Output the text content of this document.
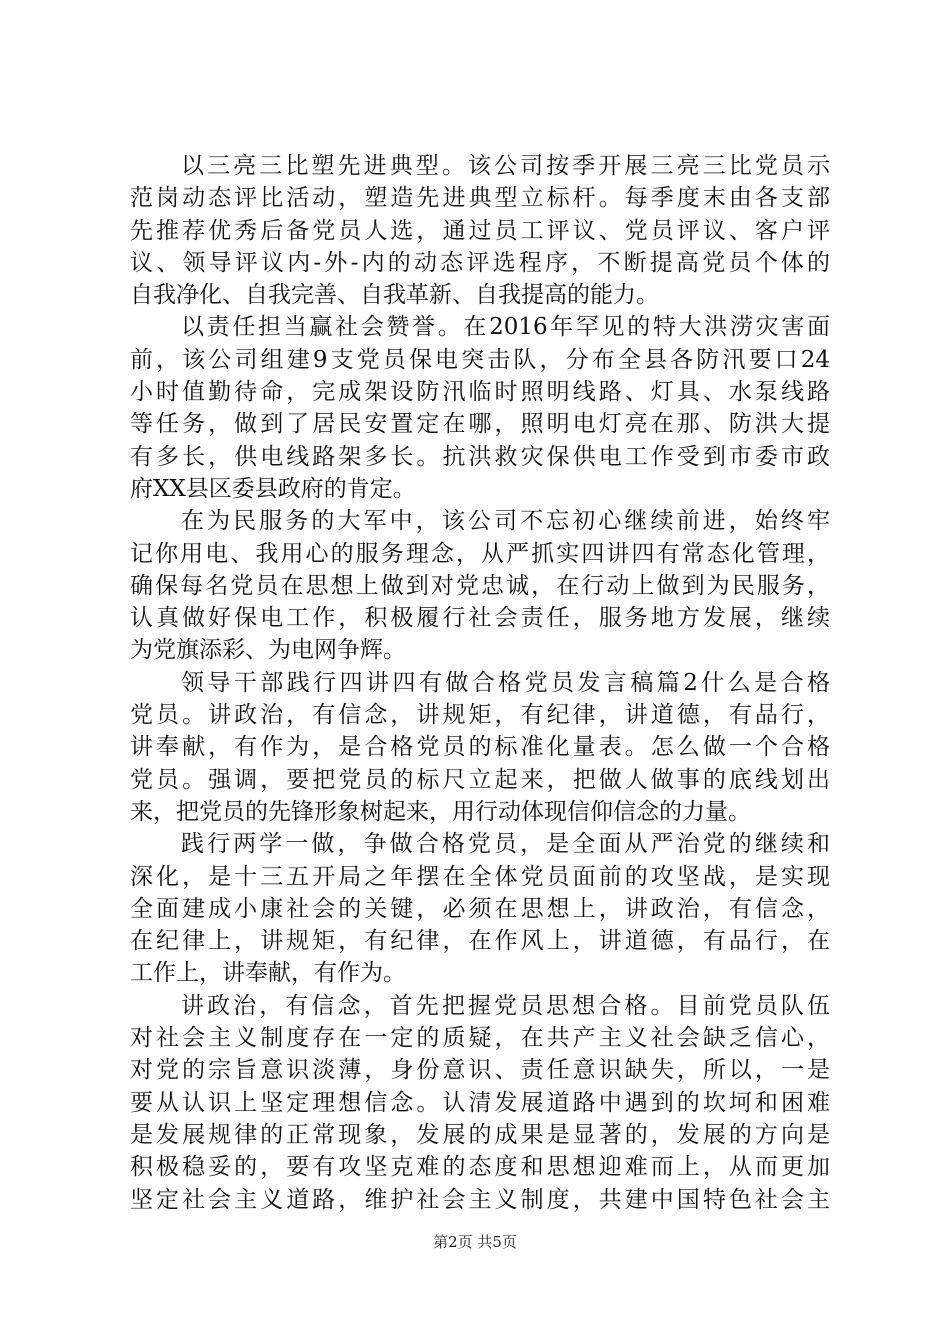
以三亮三比塑先进典型。该公司按季开展三亮三比党员示
范岗动态评比活动，塑造先进典型立标杆。每季度末由各支部
先推荐优秀后备党员人选，通过员工评议、党员评议、客户评
议、领导评议内-外-内的动态评选程序，不断提高党员个体的
自我净化、自我完善、自我革新、自我提高的能力。
以责任担当赢社会赞誉。在2016年罕见的特大洪涝灾害面
前，该公司组建9支党员保电突击队，分布全县各防汛要口24
小时值勤待命，完成架设防汛临时照明线路、灯具、水泵线路
等任务，做到了居民安置定在哪，照明电灯亮在那、防洪大提
有多长，供电线路架多长。抗洪救灾保供电工作受到市委市政
府XX县区委县政府的肯定。
在为民服务的大军中，该公司不忘初心继续前进，始终牢
记你用电、我用心的服务理念，从严抓实四讲四有常态化管理，
确保每名党员在思想上做到对党忠诚，在行动上做到为民服务，
认真做好保电工作，积极履行社会责任，服务地方发展，继续
为党旗添彩、为电网争辉。
领导干部践行四讲四有做合格党员发言稿篇2什么是合格
党员。讲政治，有信念，讲规矩，有纪律，讲道德，有品行，
讲奉献，有作为，是合格党员的标准化量表。怎么做一个合格
党员。强调，要把党员的标尺立起来，把做人做事的底线划出
来，把党员的先锋形象树起来，用行动体现信仰信念的力量。
践行两学一做，争做合格党员，是全面从严治党的继续和
深化，是十三五开局之年摆在全体党员面前的攻坚战，是实现
全面建成小康社会的关键，必须在思想上，讲政治，有信念，
在纪律上，讲规矩，有纪律，在作风上，讲道德，有品行，在
工作上，讲奉献，有作为。
讲政治，有信念，首先把握党员思想合格。目前党员队伍
对社会主义制度存在一定的质疑，在共产主义社会缺乏信心，
对党的宗旨意识淡薄，身份意识、责任意识缺失，所以，一是
要从认识上坚定理想信念。认清发展道路中遇到的坎坷和困难
是发展规律的正常现象，发展的成果是显著的，发展的方向是
积极稳妥的，要有攻坚克难的态度和思想迎难而上，从而更加
坚定社会主义道路，维护社会主义制度，共建中国特色社会主
第2页 共5页
